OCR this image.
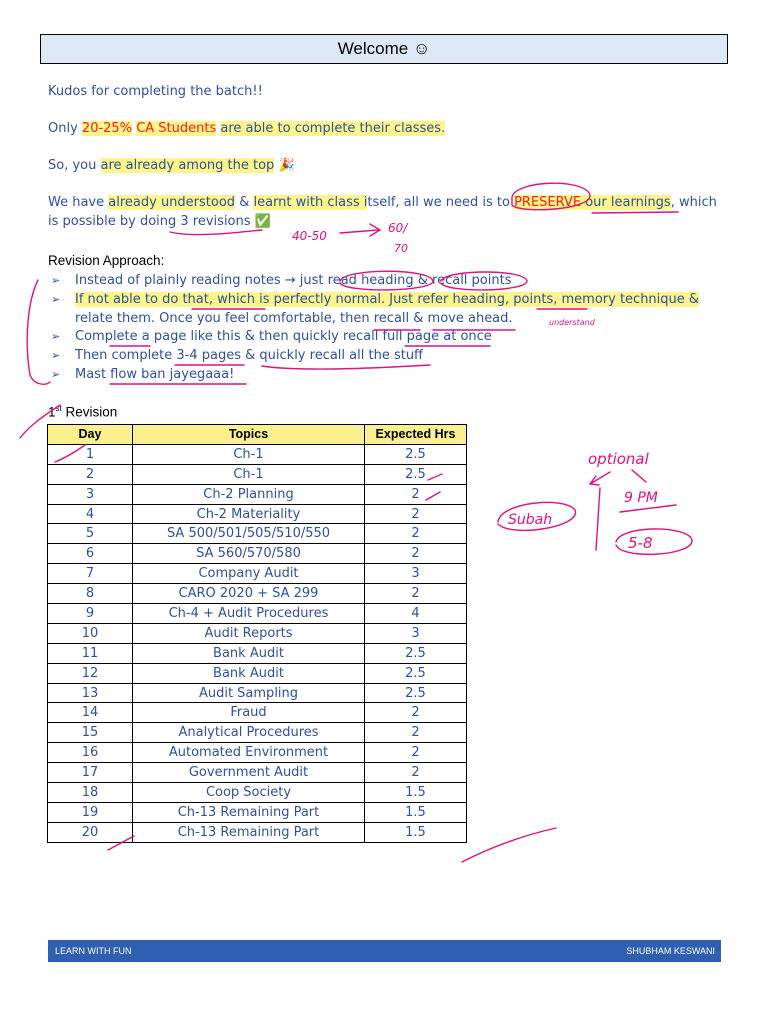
Welcome ☺
Kudos for completing the batch!!
Only 20-25% CA Students are able to complete their classes.
So, you are already among the top 🎉
We have already understood & learnt with class itself, all we need is to PRESERVE our learnings, which
is possible by doing 3 revisions ✅
Revision Approach:
➢ Instead of plainly reading notes → just read heading & recall points
➢ If not able to do that, which is perfectly normal. Just refer heading, points, memory technique &
relate them. Once you feel comfortable, then recall & move ahead.
➢ Complete a page like this & then quickly recall full page at once
➢ Then complete 3-4 pages & quickly recall all the stuff
➢ Mast flow ban jayegaaa!
1st Revision
Day	Topics	Expected Hrs
1	Ch-1	2.5
2	Ch-1	2.5
3	Ch-2 Planning	2
4	Ch-2 Materiality	2
5	SA 500/501/505/510/550	2
6	SA 560/570/580	2
7	Company Audit	3
8	CARO 2020 + SA 299	2
9	Ch-4 + Audit Procedures	4
10	Audit Reports	3
11	Bank Audit	2.5
12	Bank Audit	2.5
13	Audit Sampling	2.5
14	Fraud	2
15	Analytical Procedures	2
16	Automated Environment	2
17	Government Audit	2
18	Coop Society	1.5
19	Ch-13 Remaining Part	1.5
20	Ch-13 Remaining Part	1.5
40-50
60/
70
understand
optional
Subah
9 PM
5-8
LEARN WITH FUN	SHUBHAM KESWANI
